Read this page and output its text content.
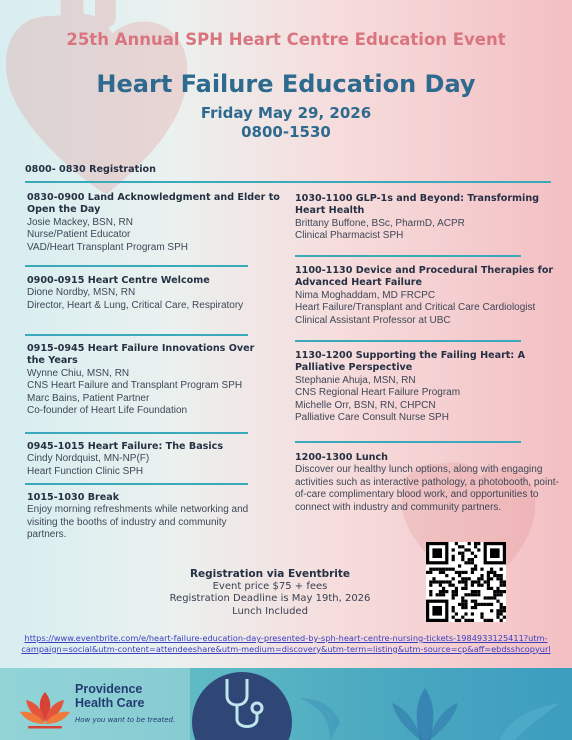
25th Annual SPH Heart Centre Education Event
Heart Failure Education Day
Friday May 29, 2026
0800-1530
0800- 0830 Registration
0830-0900 Land Acknowledgment and Elder to Open the Day
Josie Mackey, BSN, RN
Nurse/Patient Educator
VAD/Heart Transplant Program SPH
0900-0915 Heart Centre Welcome
Dione Nordby, MSN, RN
Director, Heart & Lung, Critical Care, Respiratory
0915-0945 Heart Failure Innovations Over the Years
Wynne Chiu, MSN, RN
CNS Heart Failure and Transplant Program SPH
Marc Bains, Patient Partner
Co-founder of Heart Life Foundation
0945-1015 Heart Failure: The Basics
Cindy Nordquist, MN-NP(F)
Heart Function Clinic SPH
1015-1030 Break
Enjoy morning refreshments while networking and visiting the booths of industry and community partners.
1030-1100 GLP-1s and Beyond: Transforming Heart Health
Brittany Buffone, BSc, PharmD, ACPR
Clinical Pharmacist SPH
1100-1130 Device and Procedural Therapies for Advanced Heart Failure
Nima Moghaddam, MD FRCPC
Heart Failure/Transplant and Critical Care Cardiologist
Clinical Assistant Professor at UBC
1130-1200 Supporting the Failing Heart: A Palliative Perspective
Stephanie Ahuja, MSN, RN
CNS Regional Heart Failure Program
Michelle Orr, BSN, RN, CHPCN
Palliative Care Consult Nurse SPH
1200-1300 Lunch
Discover our healthy lunch options, along with engaging activities such as interactive pathology, a photobooth, point-of-care complimentary blood work, and opportunities to connect with industry and community partners.
Registration via Eventbrite
Event price $75 + fees
Registration Deadline is May 19th, 2026
Lunch Included
https://www.eventbrite.com/e/heart-failure-education-day-presented-by-sph-heart-centre-nursing-tickets-1984933125411?utm-campaign=social&utm-content=attendeeshare&utm-medium=discovery&utm-term=listing&utm-source=cp&aff=ebdsshcopyurl
Providence Health Care
How you want to be treated.
